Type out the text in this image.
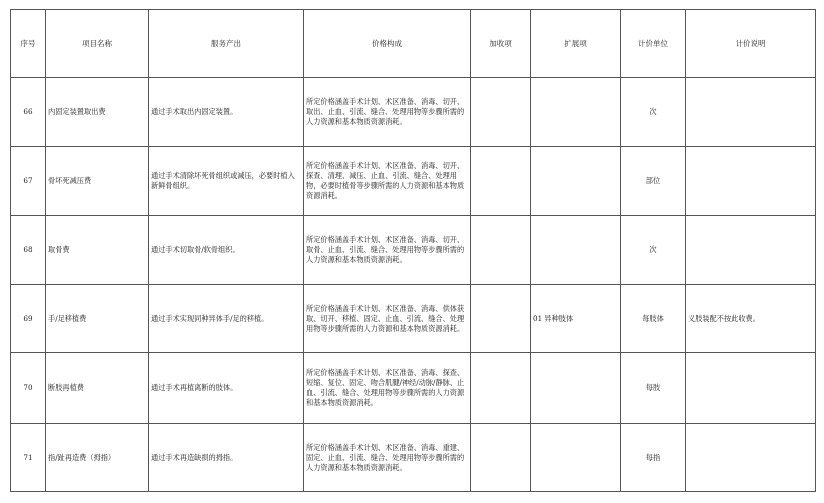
序号	项目名称	服务产出	价格构成	加收项	扩展项	计价单位	计价说明
66	内固定装置取出费	通过手术取出内固定装置。	所定价格涵盖手术计划、术区准备、消毒、切开、取出、止血、引流、缝合、处理用物等步骤所需的人力资源和基本物质资源消耗。			次	
67	骨坏死减压费	通过手术清除坏死骨组织或减压，必要时植入新鲜骨组织。	所定价格涵盖手术计划、术区准备、消毒、切开、探查、清理、减压、止血、引流、缝合、处理用物，必要时植骨等步骤所需的人力资源和基本物质资源消耗。			部位	
68	取骨费	通过手术切取骨/软骨组织。	所定价格涵盖手术计划、术区准备、消毒、切开、取骨、止血、引流、缝合、处理用物等步骤所需的人力资源和基本物质资源消耗。			次	
69	手/足移植费	通过手术实现同种异体手/足的移植。	所定价格涵盖手术计划、术区准备、消毒、供体获取、切开、移植、固定、止血、引流、缝合、处理用物等步骤所需的人力资源和基本物质资源消耗。		01 异种肢体	每肢体	义肢装配不按此收费。
70	断肢再植费	通过手术再植离断的肢体。	所定价格涵盖手术计划、术区准备、消毒、探查、短缩、复位、固定、吻合肌腱/神经/动脉/静脉、止血、引流、缝合、处理用物等步骤所需的人力资源和基本物质资源消耗。			每肢	
71	指/趾再造费（拇指）	通过手术再造缺损的拇指。	所定价格涵盖手术计划、术区准备、消毒、重建、固定、止血、引流、缝合、处理用物等步骤所需的人力资源和基本物质资源消耗。			每指	
